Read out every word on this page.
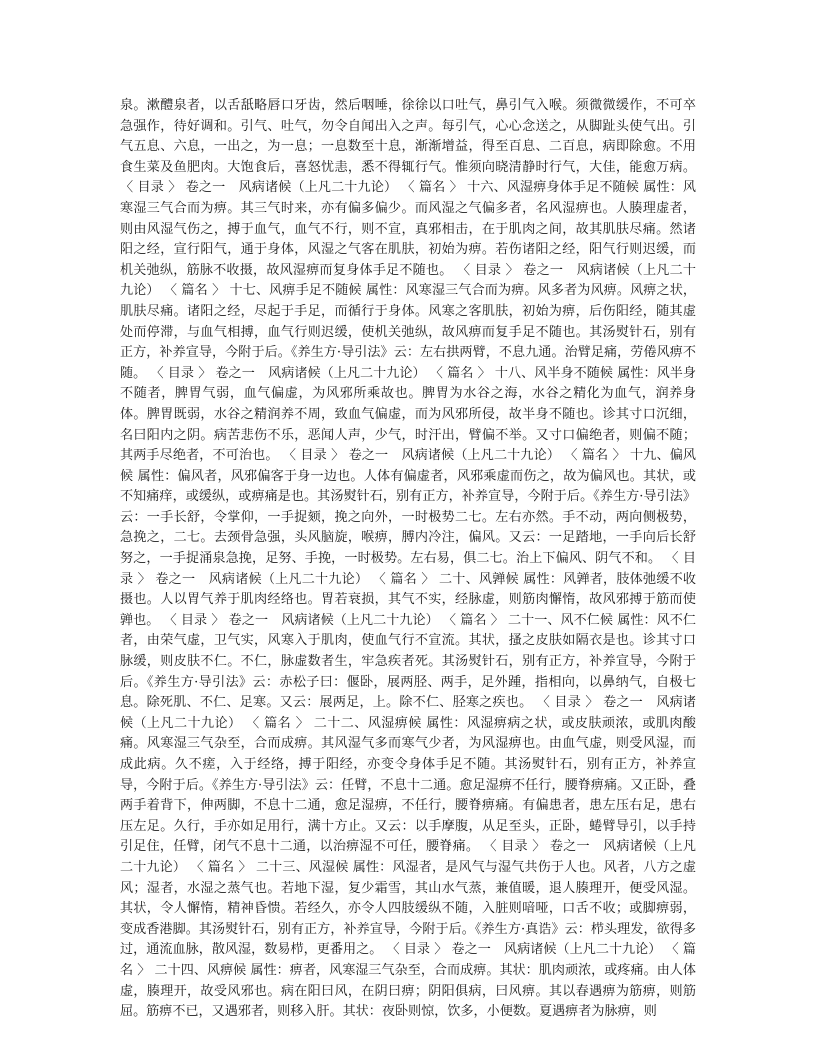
泉。漱醴泉者，以舌舐略唇口牙齿，然后咽唾，徐徐以口吐气，鼻引气入喉。须微微缓作，不可卒急强作，待好调和。引气、吐气，勿令自闻出入之声。每引气，心心念送之，从脚趾头使气出。引气五息、六息，一出之，为一息；一息数至十息，渐渐增益，得至百息、二百息，病即除愈。不用食生菜及鱼肥肉。大饱食后，喜怒忧恚，悉不得辄行气。惟须向晓清静时行气，大佳，能愈万病。 〈 目录 〉 卷之一　风病诸候（上凡二十九论） 〈 篇名 〉 十六、风湿痹身体手足不随候 属性：风寒湿三气合而为痹。其三气时来，亦有偏多偏少。而风湿之气偏多者，名风湿痹也。人腠理虚者，则由风湿气伤之，搏于血气，血气不行，则不宣，真邪相击，在于肌肉之间，故其肌肤尽痛。然诸阳之经，宣行阳气，通于身体，风湿之气客在肌肤，初始为痹。若伤诸阳之经，阳气行则迟缓，而机关弛纵，筋脉不收摄，故风湿痹而复身体手足不随也。 〈 目录 〉 卷之一　风病诸候（上凡二十九论） 〈 篇名 〉 十七、风痹手足不随候 属性：风寒湿三气合而为痹。风多者为风痹。风痹之状，肌肤尽痛。诸阳之经，尽起于手足，而循行于身体。风寒之客肌肤，初始为痹，后伤阳经，随其虚处而停滞，与血气相搏，血气行则迟缓，使机关弛纵，故风痹而复手足不随也。其汤熨针石，别有正方，补养宣导，今附于后。《养生方·导引法》云：左右拱两臂，不息九通。治臂足痛，劳倦风痹不随。 〈 目录 〉 卷之一　风病诸候（上凡二十九论） 〈 篇名 〉 十八、风半身不随候 属性：风半身不随者，脾胃气弱，血气偏虚，为风邪所乘故也。脾胃为水谷之海，水谷之精化为血气，润养身体。脾胃既弱，水谷之精润养不周，致血气偏虚，而为风邪所侵，故半身不随也。诊其寸口沉细，名曰阳内之阴。病苦悲伤不乐，恶闻人声，少气，时汗出，臂偏不举。又寸口偏绝者，则偏不随；其两手尽绝者，不可治也。 〈 目录 〉 卷之一　风病诸候（上凡二十九论） 〈 篇名 〉 十九、偏风候 属性：偏风者，风邪偏客于身一边也。人体有偏虚者，风邪乘虚而伤之，故为偏风也。其状，或不知痛痒，或缓纵，或痹痛是也。其汤熨针石，别有正方，补养宣导，今附于后。《养生方·导引法》云：一手长舒，令掌仰，一手捉颏，挽之向外，一时极势二七。左右亦然。手不动，两向侧极势，急挽之，二七。去颈骨急强，头风脑旋，喉痹，膊内冷注，偏风。又云：一足踏地，一手向后长舒努之，一手捉涌泉急挽，足努、手挽，一时极势。左右易，俱二七。治上下偏风、阴气不和。 〈 目录 〉 卷之一　风病诸候（上凡二十九论） 〈 篇名 〉 二十、风亸候 属性：风亸者，肢体弛缓不收摄也。人以胃气养于肌肉经络也。胃若衰损，其气不实，经脉虚，则筋肉懈惰，故风邪搏于筋而使亸也。 〈 目录 〉 卷之一　风病诸候（上凡二十九论） 〈 篇名 〉 二十一、风不仁候 属性：风不仁者，由荣气虚，卫气实，风寒入于肌肉，使血气行不宣流。其状，搔之皮肤如隔衣是也。诊其寸口脉缓，则皮肤不仁。不仁，脉虚数者生，牢急疾者死。其汤熨针石，别有正方，补养宣导，今附于后。《养生方·导引法》云：赤松子曰：偃卧，展两胫、两手，足外踵，指相向，以鼻纳气，自极七息。除死肌、不仁、足寒。又云：展两足，上。除不仁、胫寒之疾也。 〈 目录 〉 卷之一　风病诸候（上凡二十九论） 〈 篇名 〉 二十二、风湿痹候 属性：风湿痹病之状，或皮肤顽浓，或肌肉酸痛。风寒湿三气杂至，合而成痹。其风湿气多而寒气少者，为风湿痹也。由血气虚，则受风湿，而成此病。久不瘥，入于经络，搏于阳经，亦变令身体手足不随。其汤熨针石，别有正方，补养宣导，今附于后。《养生方·导引法》云：任臂，不息十二通。愈足湿痹不任行，腰脊痹痛。又正卧，叠两手着背下，伸两脚，不息十二通，愈足湿痹，不任行，腰脊痹痛。有偏患者，患左压右足，患右压左足。久行，手亦如足用行，满十方止。又云：以手摩腹，从足至头，正卧，蜷臂导引，以手持引足住，任臂，闭气不息十二通，以治痹湿不可任，腰脊痛。 〈 目录 〉 卷之一　风病诸候（上凡二十九论） 〈 篇名 〉 二十三、风湿候 属性：风湿者，是风气与湿气共伤于人也。风者，八方之虚风；湿者，水湿之蒸气也。若地下湿，复少霜雪，其山水气蒸，兼值暖，退人腠理开，便受风湿。其状，令人懈惰，精神昏愦。若经久，亦令人四肢缓纵不随，入脏则喑哑，口舌不收；或脚痹弱，变成香港脚。其汤熨针石，别有正方，补养宣导，今附于后。《养生方·真诰》云：栉头理发，欲得多过，通流血脉，散风湿，数易栉，更番用之。 〈 目录 〉 卷之一　风病诸候（上凡二十九论） 〈 篇名 〉 二十四、风痹候 属性：痹者，风寒湿三气杂至，合而成痹。其状：肌肉顽浓，或疼痛。由人体虚，腠理开，故受风邪也。病在阳曰风，在阴曰痹；阴阳俱病，曰风痹。其以春遇痹为筋痹，则筋屈。筋痹不已，又遇邪者，则移入肝。其状：夜卧则惊，饮多，小便数。夏遇痹者为脉痹，则
